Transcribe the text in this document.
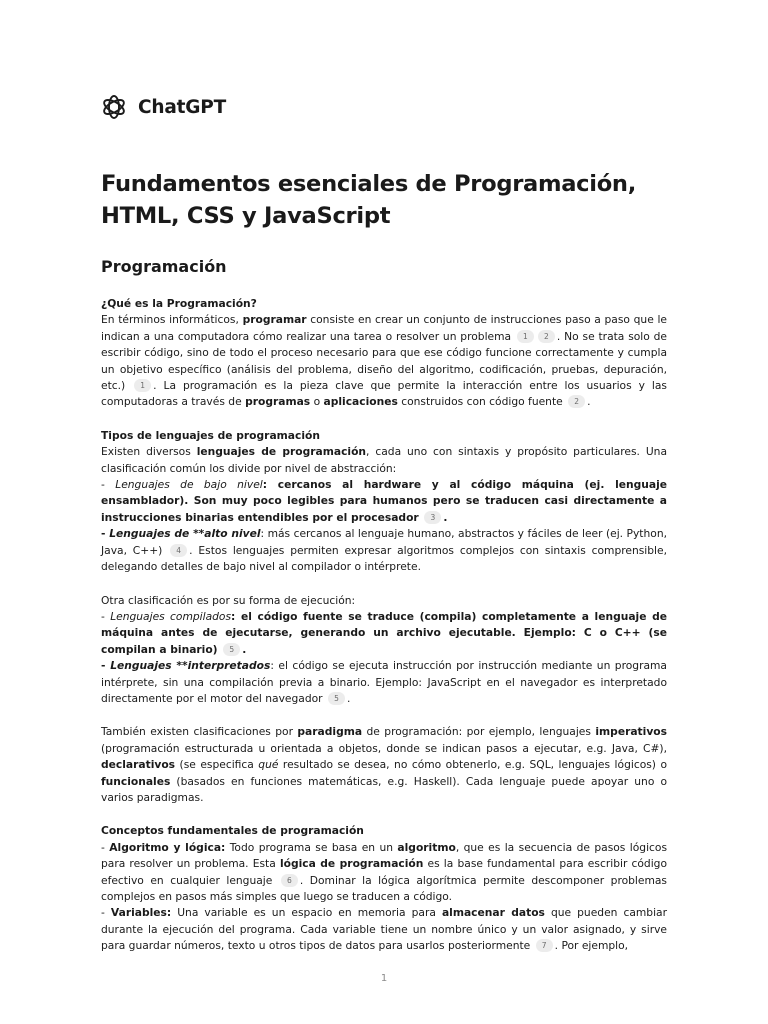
ChatGPT
Fundamentos esenciales de Programación, HTML, CSS y JavaScript
Programación

¿Qué es la Programación?

En términos informáticos, programar consiste en crear un conjunto de instrucciones paso a paso que le indican a una computadora cómo realizar una tarea o resolver un problema 1 2 . No se trata solo de escribir código, sino de todo el proceso necesario para que ese código funcione correctamente y cumpla un objetivo específico (análisis del problema, diseño del algoritmo, codificación, pruebas, depuración, etc.) 1 . La programación es la pieza clave que permite la interacción entre los usuarios y las computadoras a través de programas o aplicaciones construidos con código fuente 2 .

Tipos de lenguajes de programación

Existen diversos lenguajes de programación, cada uno con sintaxis y propósito particulares. Una clasificación común los divide por nivel de abstracción:

- Lenguajes de bajo nivel: cercanos al hardware y al código máquina (ej. lenguaje ensamblador). Son muy poco legibles para humanos pero se traducen casi directamente a instrucciones binarias entendibles por el procesador 3 .

- Lenguajes de **alto nivel: más cercanos al lenguaje humano, abstractos y fáciles de leer (ej. Python, Java, C++) 4 . Estos lenguajes permiten expresar algoritmos complejos con sintaxis comprensible, delegando detalles de bajo nivel al compilador o intérprete.

Otra clasificación es por su forma de ejecución:

- Lenguajes compilados: el código fuente se traduce (compila) completamente a lenguaje de máquina antes de ejecutarse, generando un archivo ejecutable. Ejemplo: C o C++ (se compilan a binario) 5 .

- Lenguajes **interpretados: el código se ejecuta instrucción por instrucción mediante un programa intérprete, sin una compilación previa a binario. Ejemplo: JavaScript en el navegador es interpretado directamente por el motor del navegador 5 .

También existen clasificaciones por paradigma de programación: por ejemplo, lenguajes imperativos (programación estructurada u orientada a objetos, donde se indican pasos a ejecutar, e.g. Java, C#), declarativos (se especifica qué resultado se desea, no cómo obtenerlo, e.g. SQL, lenguajes lógicos) o funcionales (basados en funciones matemáticas, e.g. Haskell). Cada lenguaje puede apoyar uno o varios paradigmas.

Conceptos fundamentales de programación

- Algoritmo y lógica: Todo programa se basa en un algoritmo, que es la secuencia de pasos lógicos para resolver un problema. Esta lógica de programación es la base fundamental para escribir código efectivo en cualquier lenguaje 6 . Dominar la lógica algorítmica permite descomponer problemas complejos en pasos más simples que luego se traducen a código.

- Variables: Una variable es un espacio en memoria para almacenar datos que pueden cambiar durante la ejecución del programa. Cada variable tiene un nombre único y un valor asignado, y sirve para guardar números, texto u otros tipos de datos para usarlos posteriormente 7 . Por ejemplo,

1
